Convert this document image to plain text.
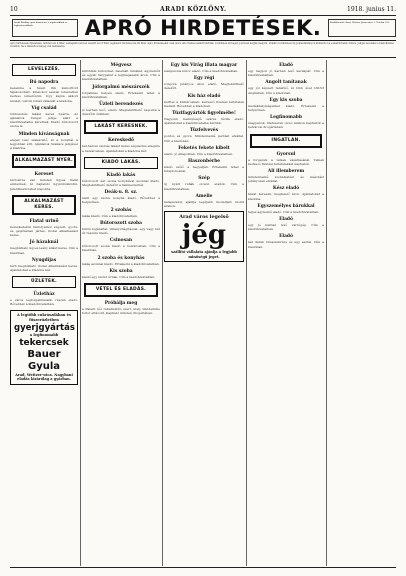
10	ARADI KÖZLÖNY.	1918. junius 11.
Aradi Közlöny apró hirdetései a legolcsóbbak és leghatásosabbak.	APRÓ HIRDETÉSEK.	Kiadóhivatal: Arad, Weitzer János-utca 1. Telefon 311.
Apró hirdetések díjszabása: minden szó 4 fillér, vastagabb betűvel szedett szó 8 fillér, legkisebb hirdetés ára 60 fillér. Apró hirdetéseket csak előre való fizetés mellett közlünk. A hirdetés szövegét pontosan kérjük megírni. Vidékről a hirdetési díj postautalványon küldendő be a kiadóhivatal címére. Jeligés leveleket a kiadóhivatal továbbít, ha a válaszhoz bélyeg van mellékelve.
LEVELEZÉS.
Bú napodra

kezembe a Szent Ilik kisborított tájékozódást, kilenckor esetén ismeretlen kedves ismerősöm. Úgy kapta akkori levelét, várom ismét válaszát a kiadóba.

Víg család

többszobás lakást keres nyárra. Az ajánlatok Tenger jelige alatt a kiadóhivatalba kéretnek. Kiadó bútorozott szoba is.

Minden kívánságnak

eleget tesz szakácsnő, ki a konyhát a legjobban érti. Ajánlatok Szakács jeligével a kiadóba.

ALKALMAZÁST NYER.
Kereset

biztosítva van minden ügyes fiatal embernek, ki hajlandó ügynökösködni. Jelentkezni lehet naponta.

ALKALMAZÁST KERES.
Fiatal urinő

kereskedelmi tanfolyamot végzett, gyors- és gépírásban jártas, irodai alkalmazást keres.

Jó házaknál

megbízható ügyes leány állást keres. Cím a kiadóban.

Nyugdíjas

férfi megbízható irodai alkalmazást keres. Ajánlatokat a kiadóba kér.

ÜZLETEK.
Üzletház

a város legforgalmasabb részén eladó. Bővebbet a kiadóhivatalban.

A legtöbb cukrászdában és fűszerüzletben
gyerjgyártás
a legfinomabb
tekercsek
Bauer Gyula
Arad, Weitzer-utca. Nagybani eladás kizárólag a gyárban.
Mégvesz

különféle bútorokat, használt ruhákat, ágyneműt és egyéb tárgyakat a legmagasabb áron. Cím a kiadóhivatalban.

Jóforgalmú mészárszék

forgalmas helyen eladó. Értekezni lehet a kiadóhivatalban.

Üzleti berendezés

jó karban levő, eladó. Megtekinthető naponta a délelőtti órákban.

LAKÁST KERESNEK.
Kereskedő

két-három szobás lakást keres augusztus elsejére a belvárosban. Ajánlatokat a kiadóba kér.

KIADÓ LAKÁS.
Kiadó lakás

bútorozott két szoba konyhával azonnal kiadó. Megtekinthető délelőtt a házmesternél.

Deák-u. 8. sz.

alatt egy szoba konyha kiadó. Bővebbet a helyszínen.

2 szobás

lakás kiadó. Cím a kiadóhivatalban.

Bútorozott szoba

külön bejárattal, villanyvilágítással, egy vagy két úr részére kiadó.

Csinosan

bútorozott szoba kiadó a belvárosban. Cím a kiadóban.

2 szoba és konyhás

lakás azonnal kiadó. Értekezni a kiadóhivatalban.

Kis szoba

kiadó egy szolid úrnak. Cím a kiadóhivatalban.

VÉTEL ÉS ELADÁS.
Próbálja meg

a Patent női ruhatisztító szert, mely mindenféle foltot eltávolít. Kapható minden drogériában.

Egy kis Virág illata magyar

leányszoba bútor eladó. Cím a kiadóhivatalban.

Egy régi

zongora jutányos áron eladó. Megtekinthető délelőtt.

Kis ház eladó

kerttel a külvárosban, kedvező fizetési feltételek mellett. Bővebbet a kiadóban.

Tüzifagyártók figyelmébe!

Nagyobb mennyiségű száraz tűzifa eladó. Ajánlatokat a kiadóhivatalba kérünk.

Tüzfelvevés

pontos és gyors. Mindennemű javítást elvállal. Cím a kiadóban.

Feketés fekete kibelt

eladó, jó állapotban. Cím a kiadóhivatalban.

Haszonbérbe

kiadó szőlő a hegyalján. Értekezni lehet a tulajdonosnál.

Szép

új nyári ruhák olcsón eladók. Cím a kiadóhivatalban.

Amelie

kalapszalon ajánlja legújabb modelljeit szolid árakon.

Arad város legelső
jég
szállító vállalata ajánlja a legjobb minőségű jeget.
Eladó

egy nagyon jó karban levő kerékpár. Cím a kiadóhivatalban.

Angolt tanítanak

egy jól képzett tanárnő, ki több évet töltött Angliában. Cím a kiadóban.

Egy kis szoba

mellékhelyiségekkel kiadó. Értekezni a helyszínen.

Legfinomabb

szappanok, illatszerek olcsó árakon kaphatók a belvárosi drogériában.

INGATLAN.
Gyorsul

a forgalom a telkek vásárlásánál. Telkek kedvező fizetési feltételekkel kaphatók.

Ali illemberem

mindennemű szobafestést és mázolást jutányosan elvállal.

Kész eladó

házat keresek, megfelelő áron. Ajánlatokat a kiadóba.

Egyszemélyes bárukkal

teljes ágynemű eladó. Cím a kiadóhivatalban.

Eladó

egy jó karban levő varrógép. Cím a kiadóhivatalban.

Eladó

két darab ruhaszekrény és egy asztal. Cím a kiadóban.
